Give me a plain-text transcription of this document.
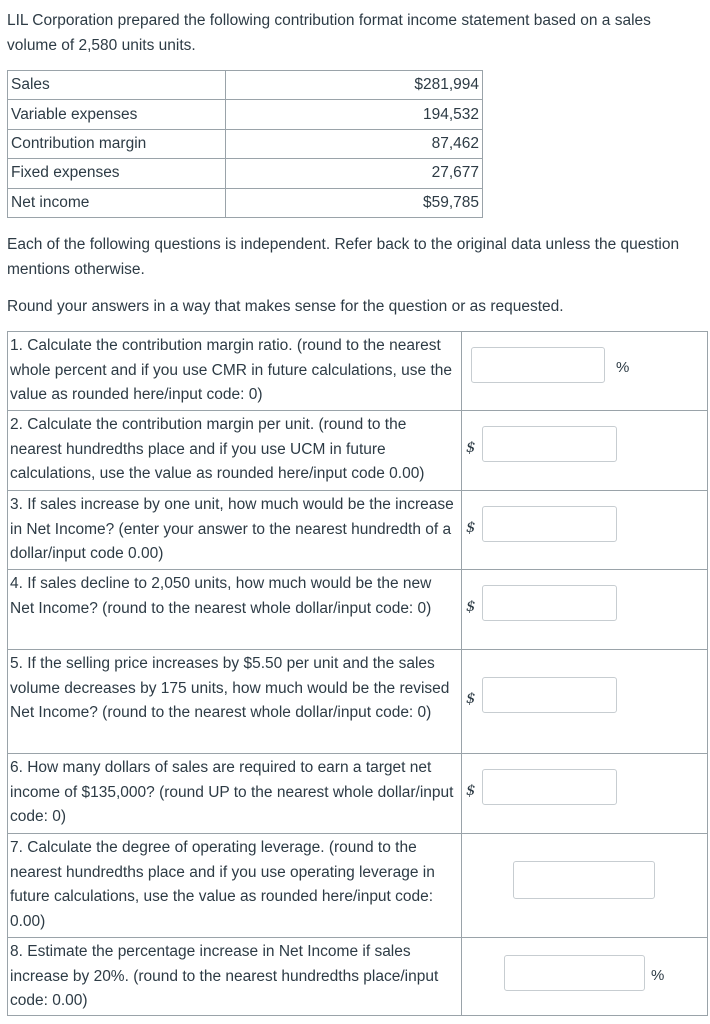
LIL Corporation prepared the following contribution format income statement based on a sales volume of 2,580 units units.

Sales	$281,994
Variable expenses	194,532
Contribution margin	87,462
Fixed expenses	27,677
Net income	$59,785

Each of the following questions is independent. Refer back to the original data unless the question mentions otherwise.

Round your answers in a way that makes sense for the question or as requested.

1. Calculate the contribution margin ratio. (round to the nearest whole percent and if you use CMR in future calculations, use the value as rounded here/input code: 0)	%

2. Calculate the contribution margin per unit. (round to the nearest hundredths place and if you use UCM in future calculations, use the value as rounded here/input code 0.00)	$

3. If sales increase by one unit, how much would be the increase in Net Income? (enter your answer to the nearest hundredth of a dollar/input code 0.00)	$

4. If sales decline to 2,050 units, how much would be the new Net Income? (round to the nearest whole dollar/input code: 0)	$

5. If the selling price increases by $5.50 per unit and the sales volume decreases by 175 units, how much would be the revised Net Income? (round to the nearest whole dollar/input code: 0)	$

6. How many dollars of sales are required to earn a target net income of $135,000? (round UP to the nearest whole dollar/input code: 0)	$

7. Calculate the degree of operating leverage. (round to the nearest hundredths place and if you use operating leverage in future calculations, use the value as rounded here/input code: 0.00)	

8. Estimate the percentage increase in Net Income if sales increase by 20%. (round to the nearest hundredths place/input code: 0.00)	%
